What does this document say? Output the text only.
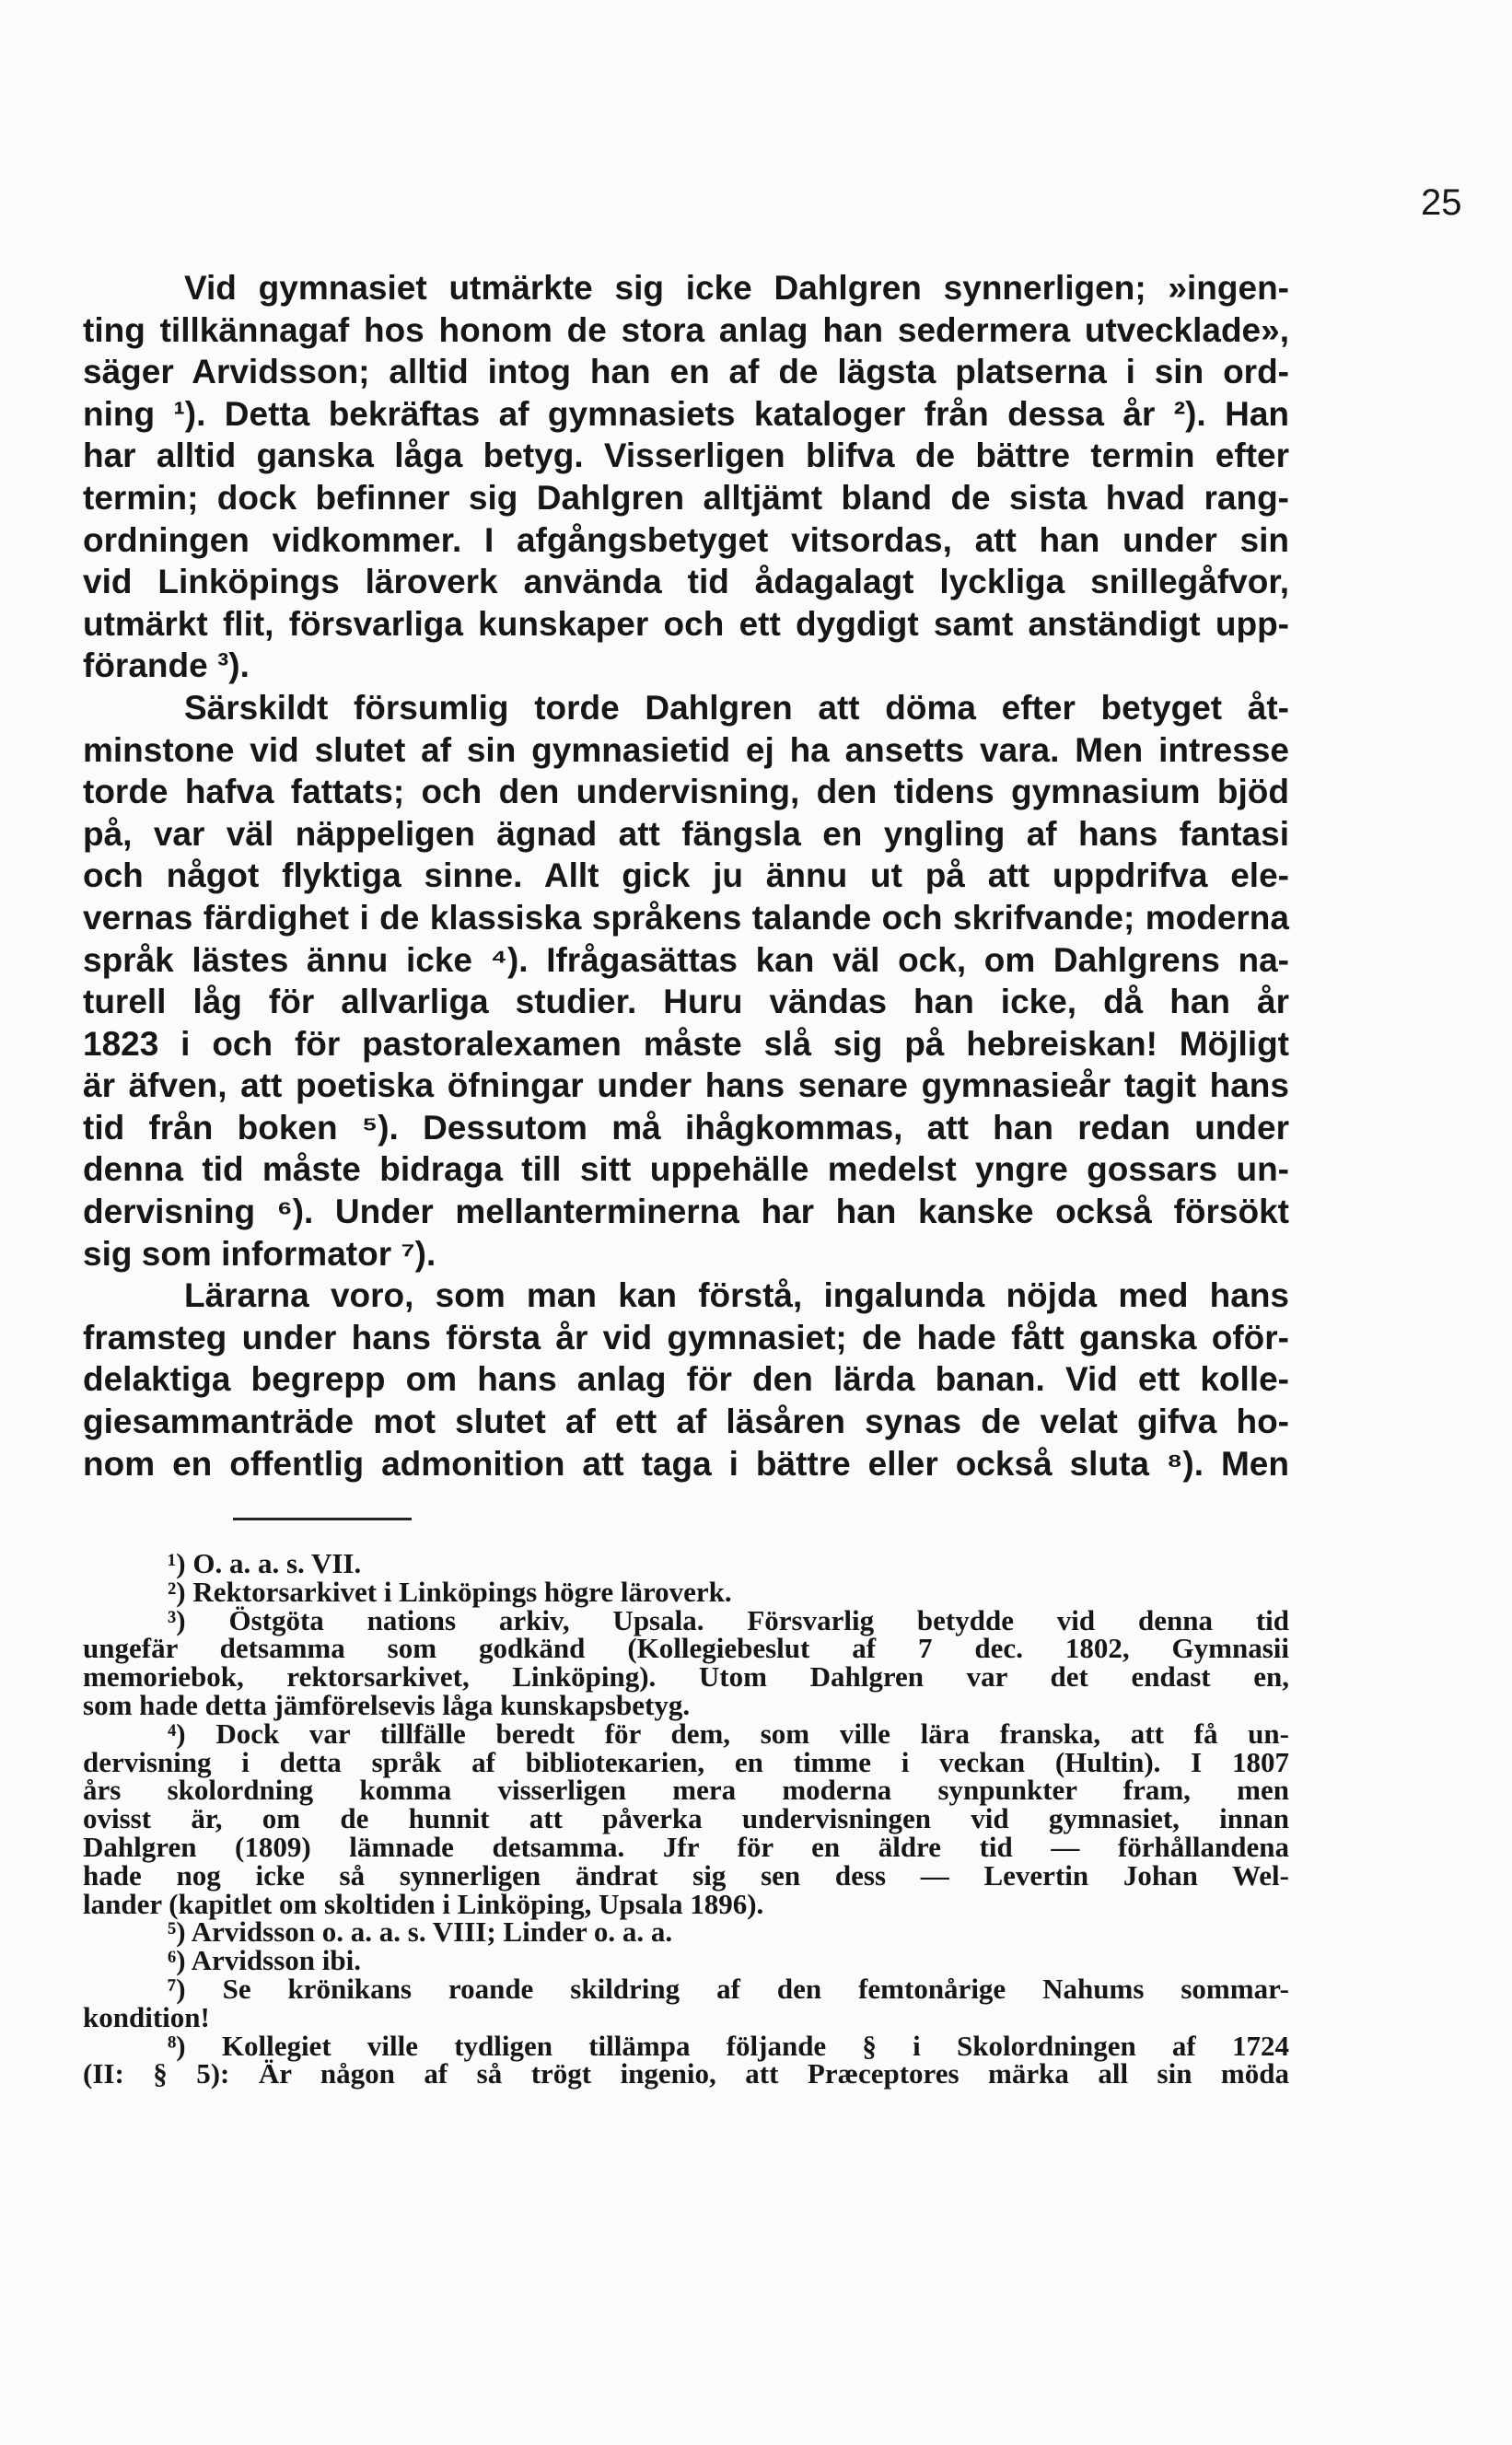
25
Vid gymnasiet utmärkte sig icke Dahlgren synnerligen; »ingen-
ting tillkännagaf hos honom de stora anlag han sedermera utvecklade»,
säger Arvidsson; alltid intog han en af de lägsta platserna i sin ord-
ning ¹). Detta bekräftas af gymnasiets kataloger från dessa år ²). Han
har alltid ganska låga betyg. Visserligen blifva de bättre termin efter
termin; dock befinner sig Dahlgren alltjämt bland de sista hvad rang-
ordningen vidkommer. I afgångsbetyget vitsordas, att han under sin
vid Linköpings läroverk använda tid ådagalagt lyckliga snillegåfvor,
utmärkt flit, försvarliga kunskaper och ett dygdigt samt anständigt upp-
förande ³).
Särskildt försumlig torde Dahlgren att döma efter betyget åt-
minstone vid slutet af sin gymnasietid ej ha ansetts vara. Men intresse
torde hafva fattats; och den undervisning, den tidens gymnasium bjöd
på, var väl näppeligen ägnad att fängsla en yngling af hans fantasi
och något flyktiga sinne. Allt gick ju ännu ut på att uppdrifva ele-
vernas färdighet i de klassiska språkens talande och skrifvande; moderna
språk lästes ännu icke ⁴). Ifrågasättas kan väl ock, om Dahlgrens na-
turell låg för allvarliga studier. Huru vändas han icke, då han år
1823 i och för pastoralexamen måste slå sig på hebreiskan! Möjligt
är äfven, att poetiska öfningar under hans senare gymnasieår tagit hans
tid från boken ⁵). Dessutom må ihågkommas, att han redan under
denna tid måste bidraga till sitt uppehälle medelst yngre gossars un-
dervisning ⁶). Under mellanterminerna har han kanske också försökt
sig som informator ⁷).
Lärarna voro, som man kan förstå, ingalunda nöjda med hans
framsteg under hans första år vid gymnasiet; de hade fått ganska oför-
delaktiga begrepp om hans anlag för den lärda banan. Vid ett kolle-
giesammanträde mot slutet af ett af läsåren synas de velat gifva ho-
nom en offentlig admonition att taga i bättre eller också sluta ⁸). Men
¹) O. a. a. s. VII.
²) Rektorsarkivet i Linköpings högre läroverk.
³) Östgöta nations arkiv, Upsala. Försvarlig betydde vid denna tid
ungefär detsamma som godkänd (Kollegiebeslut af 7 dec. 1802, Gymnasii
memoriebok, rektorsarkivet, Linköping). Utom Dahlgren var det endast en,
som hade detta jämförelsevis låga kunskapsbetyg.
⁴) Dock var tillfälle beredt för dem, som ville lära franska, att få un-
dervisning i detta språk af biblioteкarien, en timme i veckan (Hultin). I 1807
års skolordning komma visserligen mera moderna synpunkter fram, men
ovisst är, om de hunnit att påverka undervisningen vid gymnasiet, innan
Dahlgren (1809) lämnade detsamma. Jfr för en äldre tid — förhållandena
hade nog icke så synnerligen ändrat sig sen dess — Levertin Johan Wel-
lander (kapitlet om skoltiden i Linköping, Upsala 1896).
⁵) Arvidsson o. a. a. s. VIII; Linder o. a. a.
⁶) Arvidsson ibi.
⁷) Se krönikans roande skildring af den femtonårige Nahums sommar-
kondition!
⁸) Kollegiet ville tydligen tillämpa följande § i Skolordningen af 1724
(II: § 5): Är någon af så trögt ingenio, att Præceptores märka all sin möda
